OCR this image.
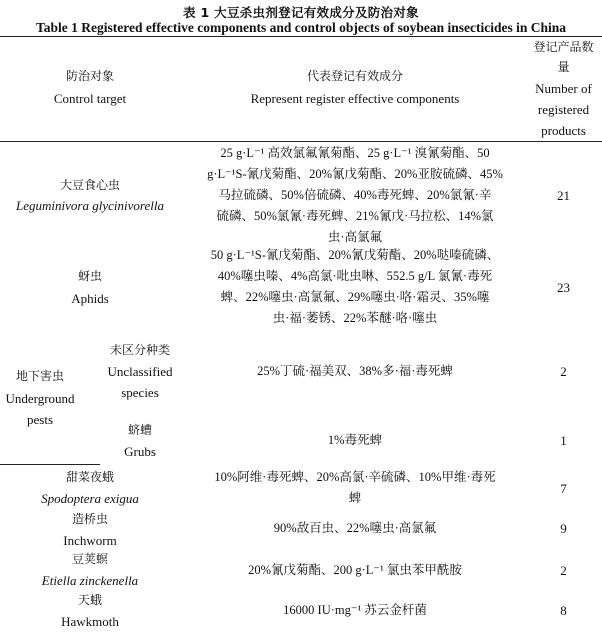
表 1 大豆杀虫剂登记有效成分及防治对象
Table 1 Registered effective components and control objects of soybean insecticides in China
防治对象
Control target
代表登记有效成分
Represent register effective components
登记产品数
量
Number of
registered
products
大豆食心虫
Leguminivora glycinivorella
25 g·L⁻¹ 高效氯氟氰菊酯、25 g·L⁻¹ 溴氰菊酯、50
g·L⁻¹S-氰戊菊酯、20%氰戊菊酯、20%亚胺硫磷、45%
马拉硫磷、50%倍硫磷、40%毒死蜱、20%氯氰·辛
硫磷、50%氯氰·毒死蜱、21%氰戊·马拉松、14%氯
虫·高氯氟
21
蚜虫
Aphids
50 g·L⁻¹S-氰戊菊酯、20%氰戊菊酯、20%哒嗪硫磷、
40%噻虫嗪、4%高氯·吡虫啉、552.5 g/L 氯氰·毒死
蜱、22%噻虫·高氯氟、29%噻虫·咯·霜灵、35%噻
虫·福·萎锈、22%苯醚·咯·噻虫
23
地下害虫
Underground
pests
未区分种类
Unclassified
species
25%丁硫·福美双、38%多·福·毒死蜱	2
蛴螬
Grubs
1%毒死蜱	1
甜菜夜蛾
Spodoptera exigua
10%阿维·毒死蜱、20%高氯·辛硫磷、10%甲维·毒死
蜱
7
造桥虫
Inchworm
90%敌百虫、22%噻虫·高氯氟	9
豆荚螟
Etiella zinckenella
20%氰戊菊酯、200 g·L⁻¹ 氯虫苯甲酰胺	2
天蛾
Hawkmoth
16000 IU·mg⁻¹ 苏云金杆菌	8
